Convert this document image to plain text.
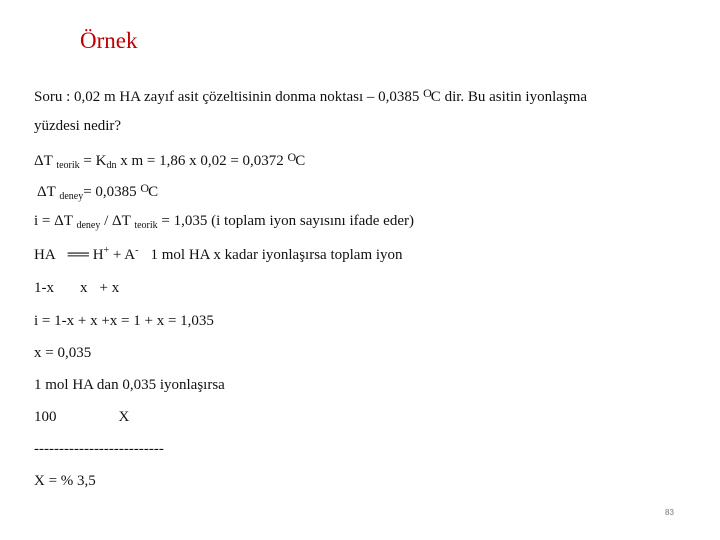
Örnek
Soru : 0,02 m HA zayıf asit çözeltisinin donma noktası – 0,0385 $^O$C dir. Bu asitin iyonlaşma
yüzdesi nedir?
ΔT $_{teorik} = K_{dn}$ x m = 1,86 x 0,02 = 0,0372 $^O$C
ΔT $_{deney}$= 0,0385 $^O$C
i = ΔT $_{deney}$ / ΔT $_{teorik}$ = 1,035 (i toplam iyon sayısını ifade eder)
HA ══ H+ + A- 1 mol HA x kadar iyonlaşırsa toplam iyon
1-x x + x
i = 1-x + x +x = 1 + x = 1,035
x = 0,035
1 mol HA dan 0,035 iyonlaşırsa
100	X
--------------------------
X = % 3,5
83
